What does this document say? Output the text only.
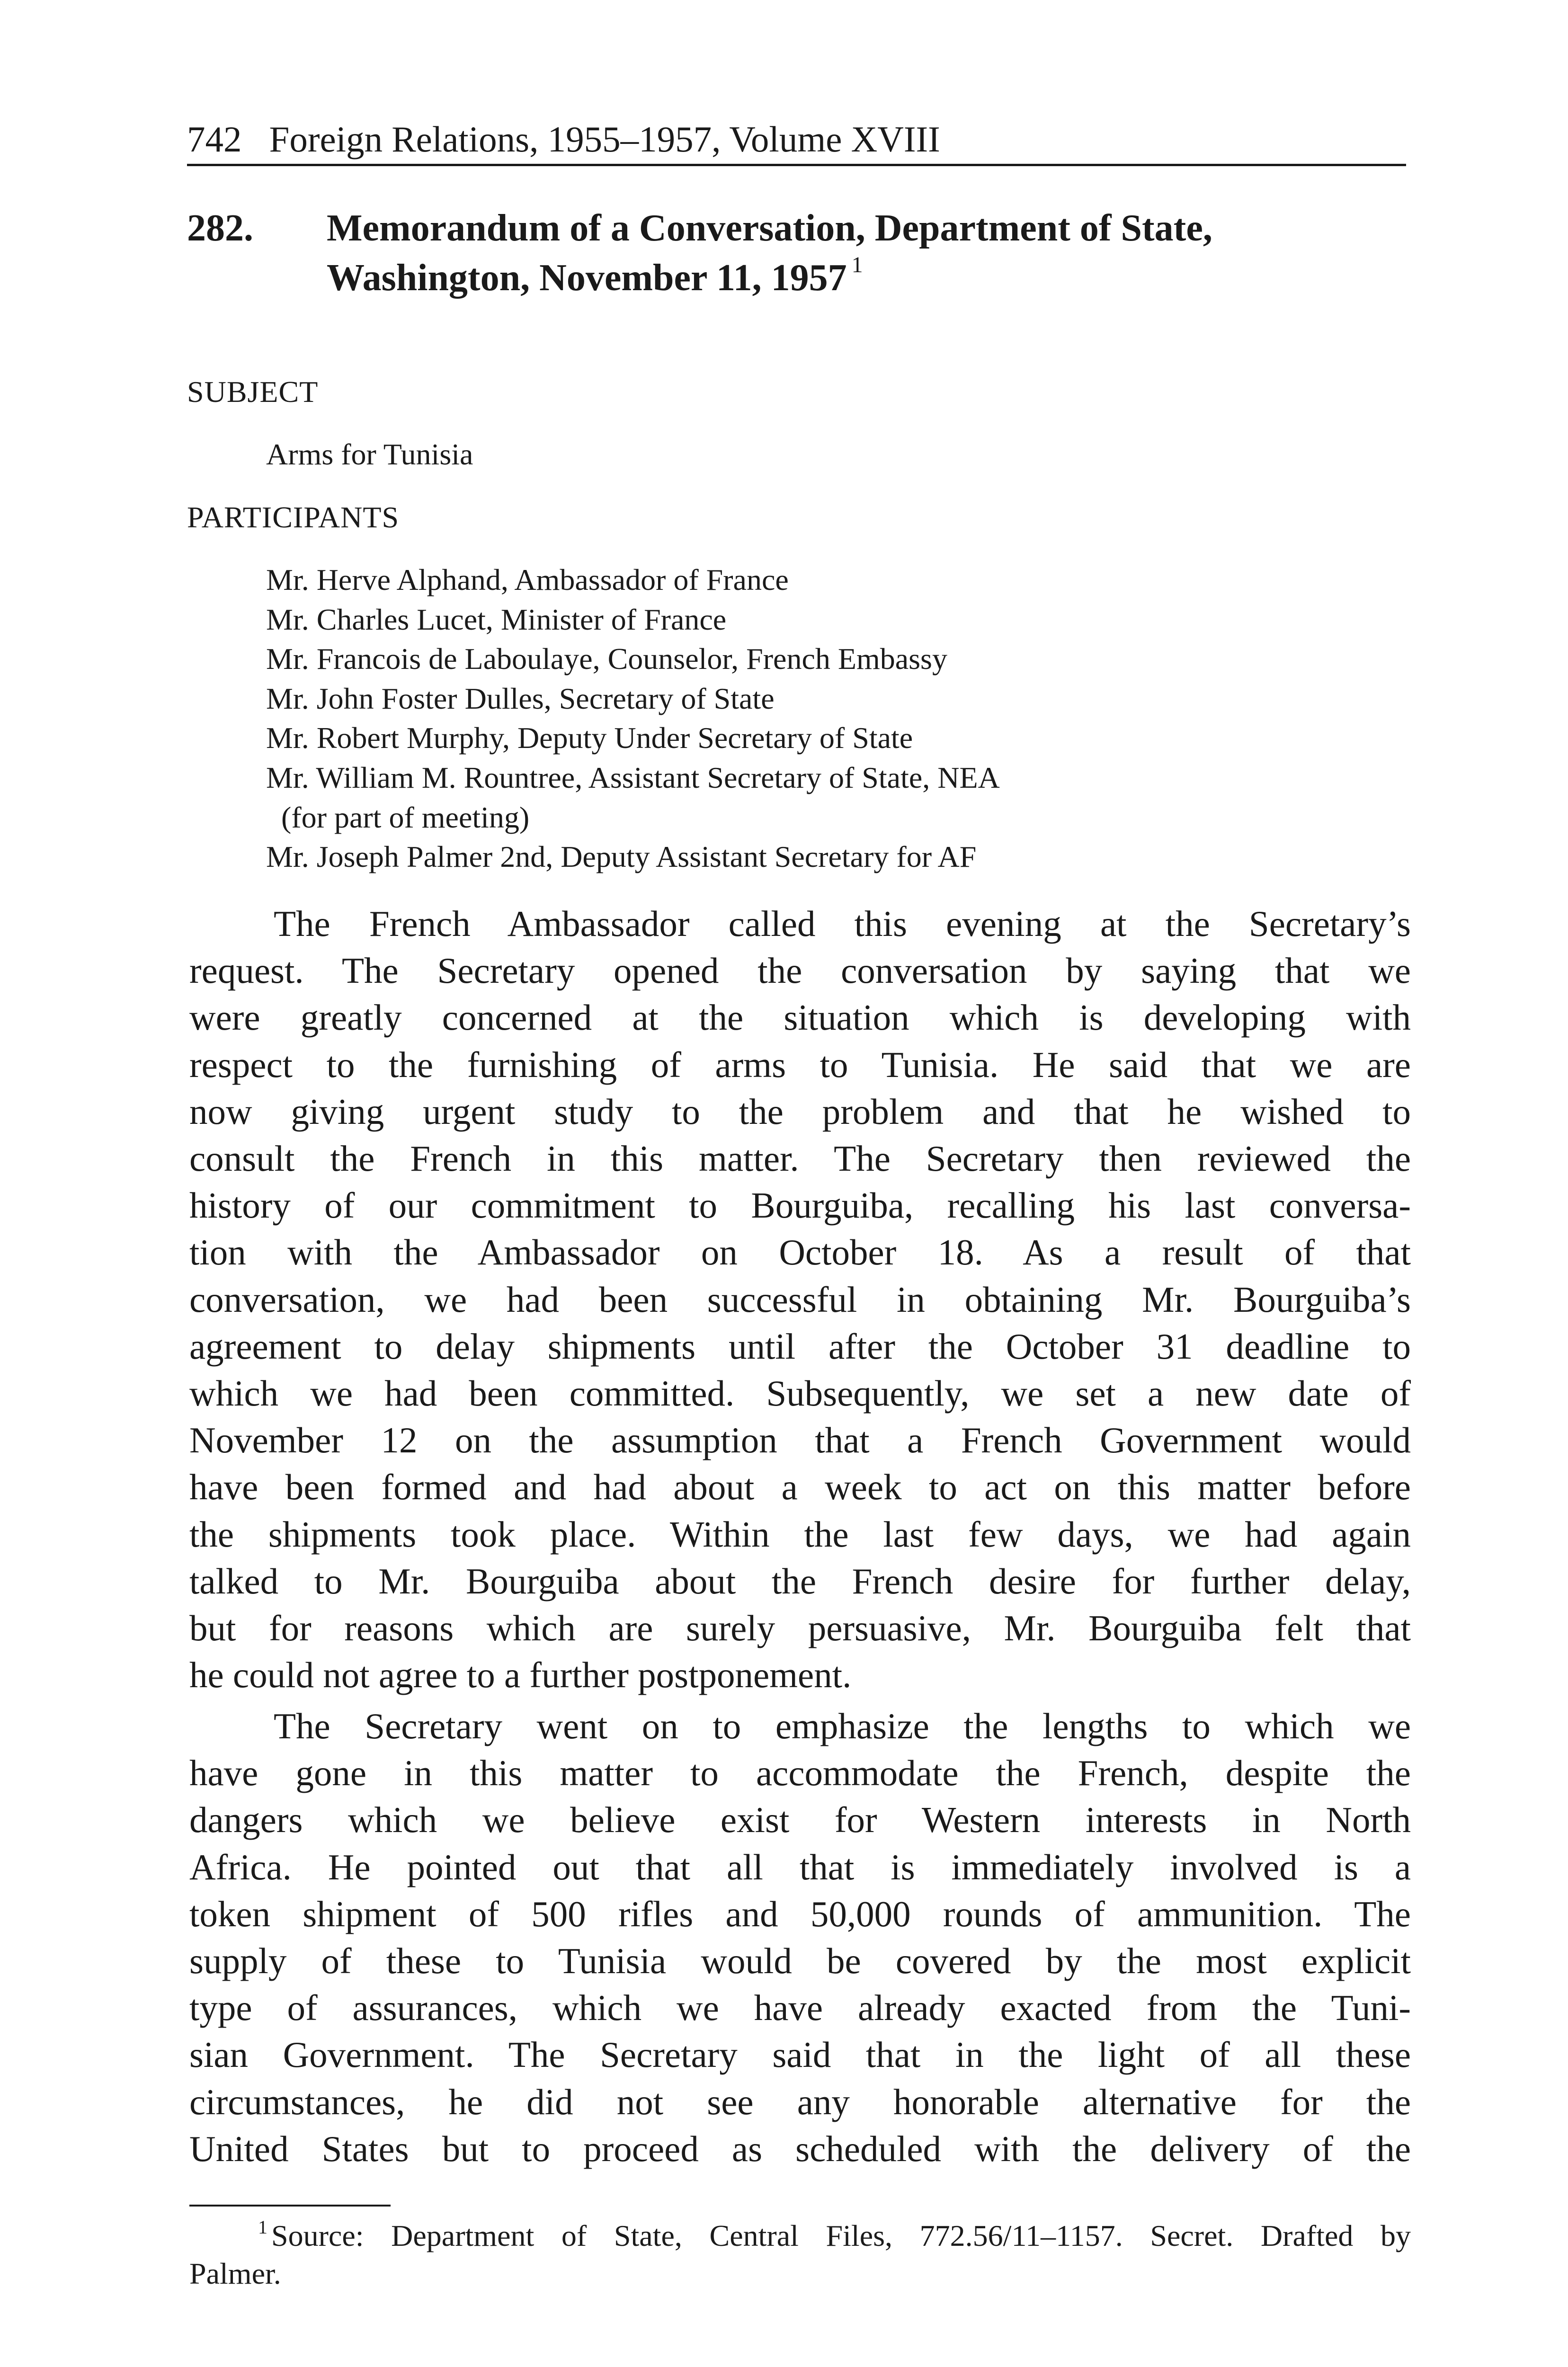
742 Foreign Relations, 1955–1957, Volume XVIII
282. Memorandum of a Conversation, Department of State,
Washington, November 11, 1957 $^1$
SUBJECT
Arms for Tunisia
PARTICIPANTS
Mr. Herve Alphand, Ambassador of France
Mr. Charles Lucet, Minister of France
Mr. Francois de Laboulaye, Counselor, French Embassy
Mr. John Foster Dulles, Secretary of State
Mr. Robert Murphy, Deputy Under Secretary of State
Mr. William M. Rountree, Assistant Secretary of State, NEA
(for part of meeting)
Mr. Joseph Palmer 2nd, Deputy Assistant Secretary for AF
The French Ambassador called this evening at the Secretary’s
request. The Secretary opened the conversation by saying that we
were greatly concerned at the situation which is developing with
respect to the furnishing of arms to Tunisia. He said that we are
now giving urgent study to the problem and that he wished to
consult the French in this matter. The Secretary then reviewed the
history of our commitment to Bourguiba, recalling his last conversa-
tion with the Ambassador on October 18. As a result of that
conversation, we had been successful in obtaining Mr. Bourguiba’s
agreement to delay shipments until after the October 31 deadline to
which we had been committed. Subsequently, we set a new date of
November 12 on the assumption that a French Government would
have been formed and had about a week to act on this matter before
the shipments took place. Within the last few days, we had again
talked to Mr. Bourguiba about the French desire for further delay,
but for reasons which are surely persuasive, Mr. Bourguiba felt that
he could not agree to a further postponement.
The Secretary went on to emphasize the lengths to which we
have gone in this matter to accommodate the French, despite the
dangers which we believe exist for Western interests in North
Africa. He pointed out that all that is immediately involved is a
token shipment of 500 rifles and 50,000 rounds of ammunition. The
supply of these to Tunisia would be covered by the most explicit
type of assurances, which we have already exacted from the Tuni-
sian Government. The Secretary said that in the light of all these
circumstances, he did not see any honorable alternative for the
United States but to proceed as scheduled with the delivery of the
$^1$ Source: Department of State, Central Files, 772.56/11–1157. Secret. Drafted by
Palmer.
